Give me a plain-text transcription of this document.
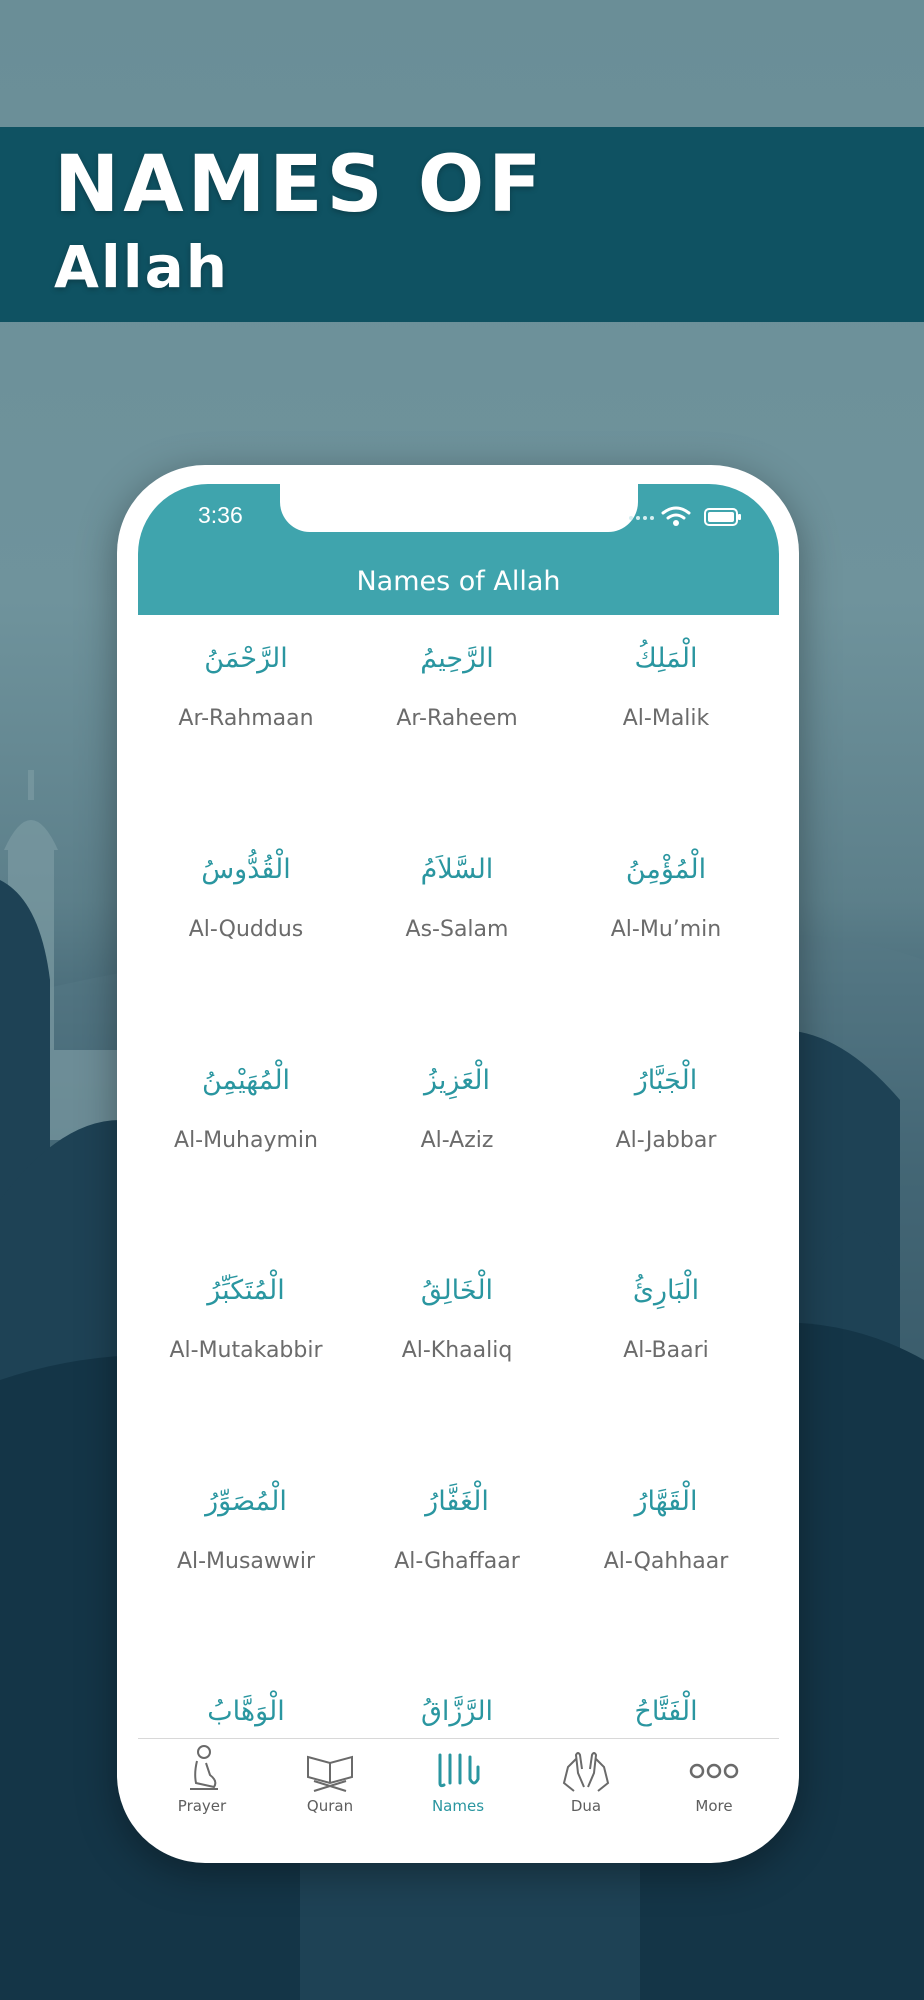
NAMES OF
Allah
3:36
Names of Allah
الرَّحْمَنُ
Ar-Rahmaan
الرَّحِيمُ
Ar-Raheem
الْمَلِكُ
Al-Malik
الْقُدُّوسُ
Al-Quddus
السَّلاَمُ
As-Salam
الْمُؤْمِنُ
Al-Mu’min
الْمُهَيْمِنُ
Al-Muhaymin
الْعَزِيزُ
Al-Aziz
الْجَبَّارُ
Al-Jabbar
الْمُتَكَبِّرُ
Al-Mutakabbir
الْخَالِقُ
Al-Khaaliq
الْبَارِئُ
Al-Baari
الْمُصَوِّرُ
Al-Musawwir
الْغَفَّارُ
Al-Ghaffaar
الْقَهَّارُ
Al-Qahhaar
الْوَهَّابُ	الرَّزَّاقُ	الْفَتَّاحُ
Prayer	Quran	Names	Dua	More
